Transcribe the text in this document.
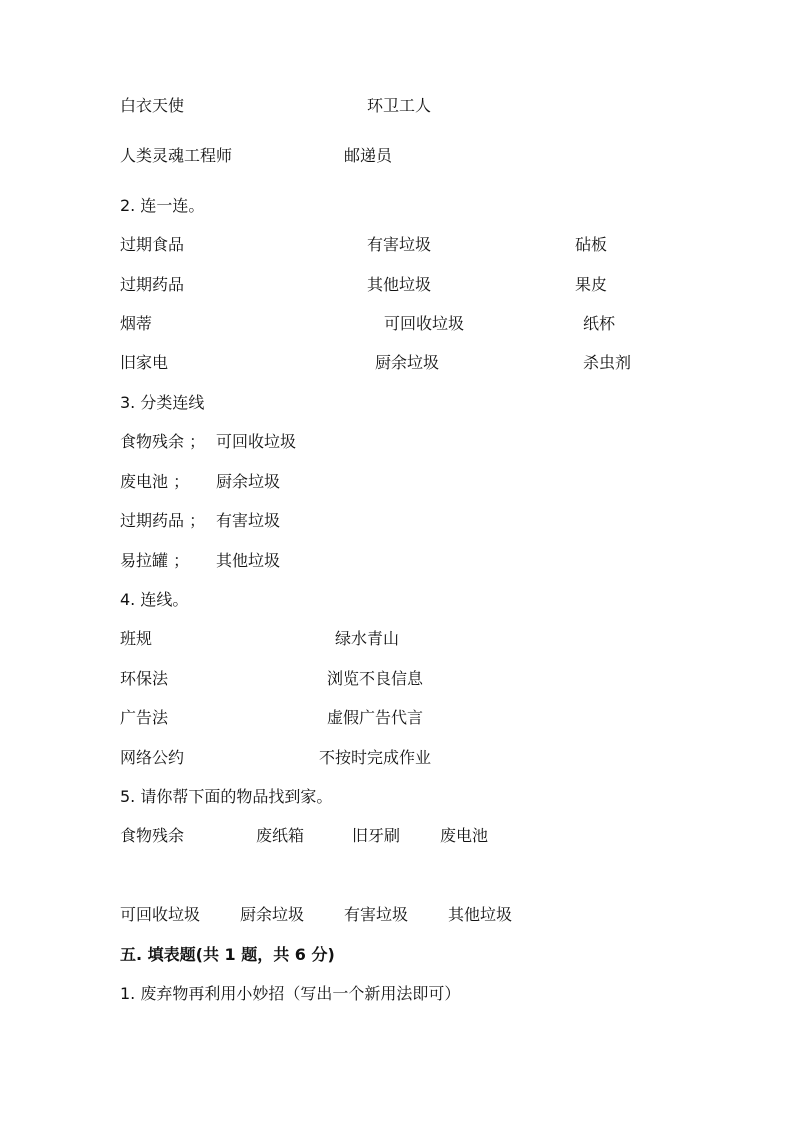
白衣天使	环卫工人
人类灵魂工程师	邮递员
2. 连一连。
过期食品	有害垃圾	砧板
过期药品	其他垃圾	果皮
烟蒂	可回收垃圾	纸杯
旧家电	厨余垃圾	杀虫剂
3. 分类连线
食物残余 ； 可回收垃圾
废电池 ； 厨余垃圾
过期药品 ； 有害垃圾
易拉罐 ； 其他垃圾
4. 连线。
班规	绿水青山
环保法	浏览不良信息
广告法	虚假广告代言
网络公约	不按时完成作业
5. 请你帮下面的物品找到家。
食物残余	废纸箱	旧牙刷 废电池
可回收垃圾 厨余垃圾 有害垃圾 其他垃圾
五. 填表题(共 1 题，共 6 分)
1. 废弃物再利用小妙招（写出一个新用法即可）
